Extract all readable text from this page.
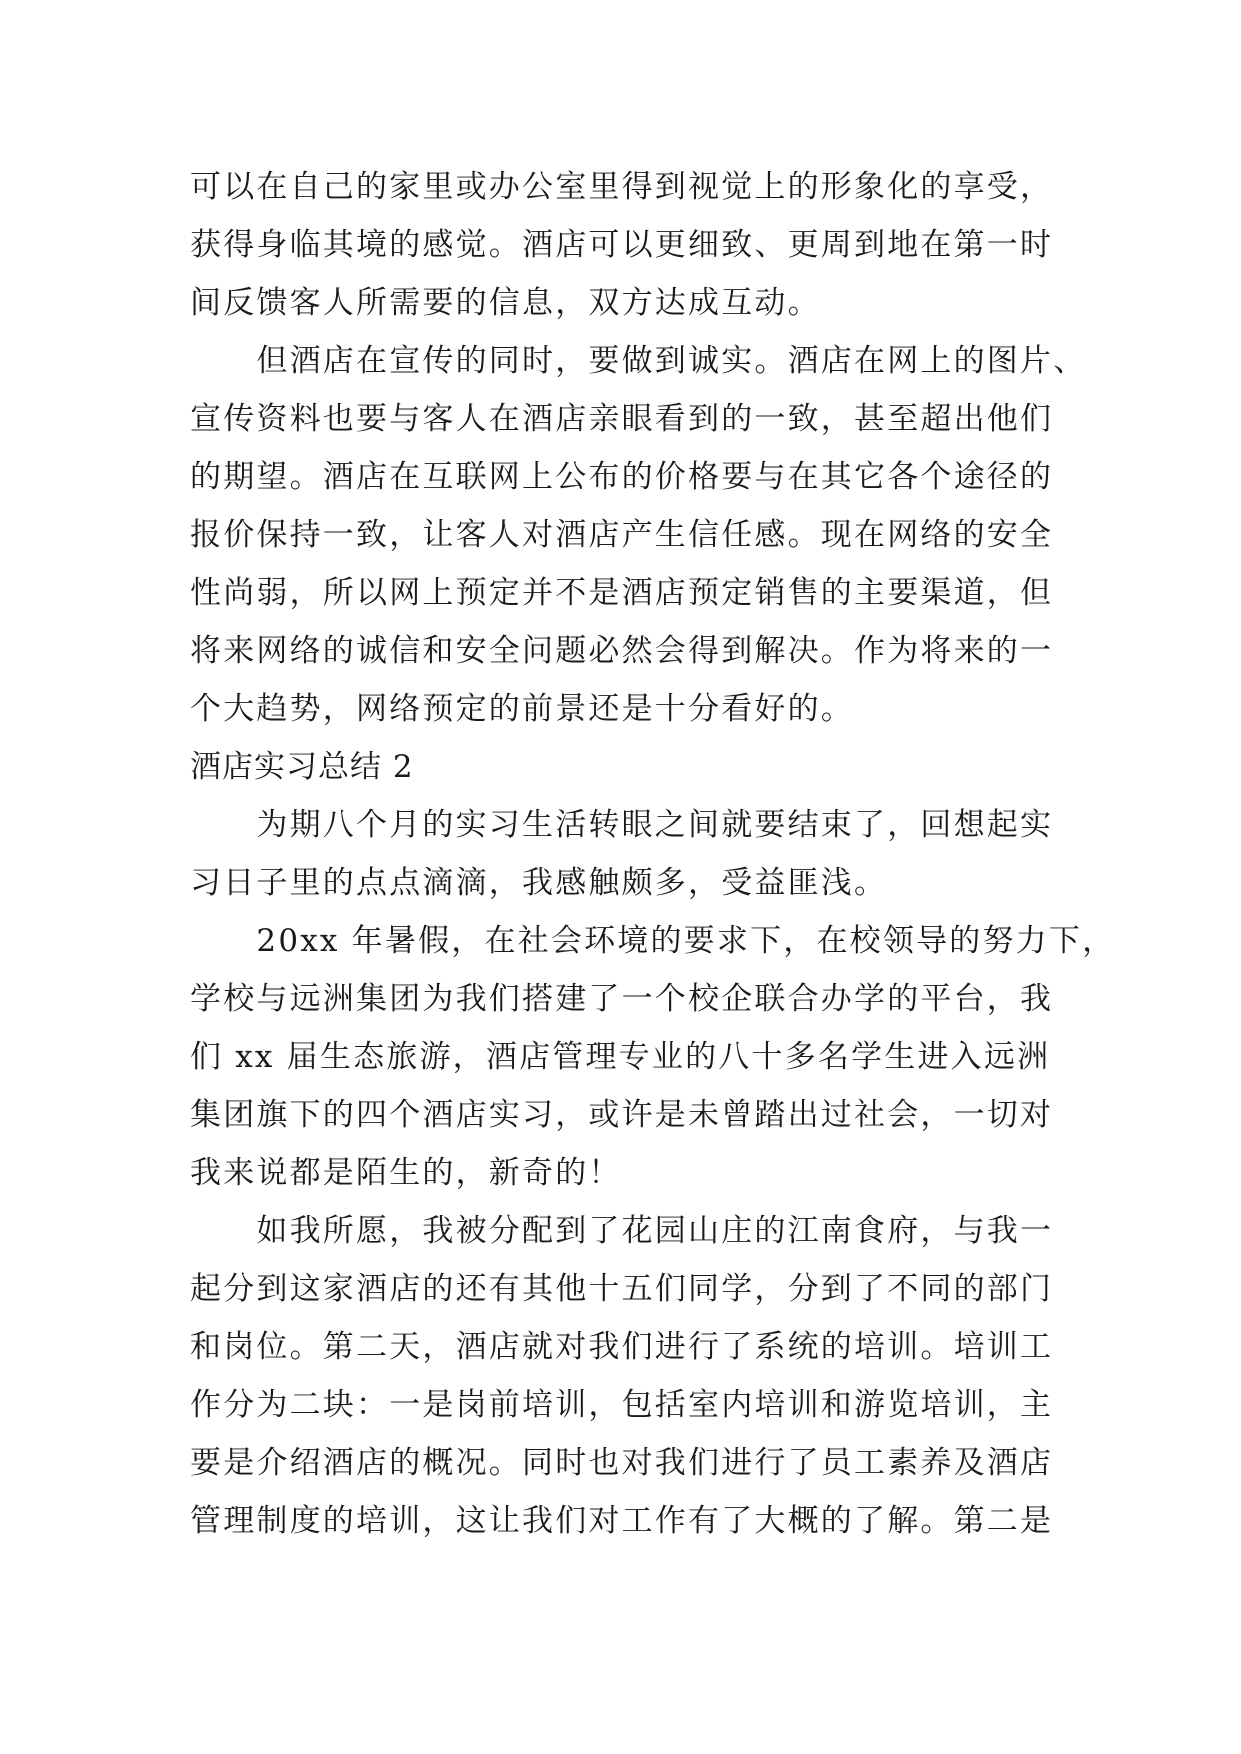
可以在自己的家里或办公室里得到视觉上的形象化的享受，
获得身临其境的感觉。酒店可以更细致、更周到地在第一时
间反馈客人所需要的信息，双方达成互动。
　　但酒店在宣传的同时，要做到诚实。酒店在网上的图片、
宣传资料也要与客人在酒店亲眼看到的一致，甚至超出他们
的期望。酒店在互联网上公布的价格要与在其它各个途径的
报价保持一致，让客人对酒店产生信任感。现在网络的安全
性尚弱，所以网上预定并不是酒店预定销售的主要渠道，但
将来网络的诚信和安全问题必然会得到解决。作为将来的一
个大趋势，网络预定的前景还是十分看好的。
酒店实习总结 2
　　为期八个月的实习生活转眼之间就要结束了，回想起实
习日子里的点点滴滴，我感触颇多，受益匪浅。
　　20xx 年暑假，在社会环境的要求下，在校领导的努力下，
学校与远洲集团为我们搭建了一个校企联合办学的平台，我
们 xx 届生态旅游，酒店管理专业的八十多名学生进入远洲
集团旗下的四个酒店实习，或许是未曾踏出过社会，一切对
我来说都是陌生的，新奇的！
　　如我所愿，我被分配到了花园山庄的江南食府，与我一
起分到这家酒店的还有其他十五们同学，分到了不同的部门
和岗位。第二天，酒店就对我们进行了系统的培训。培训工
作分为二块：一是岗前培训，包括室内培训和游览培训，主
要是介绍酒店的概况。同时也对我们进行了员工素养及酒店
管理制度的培训，这让我们对工作有了大概的了解。第二是
